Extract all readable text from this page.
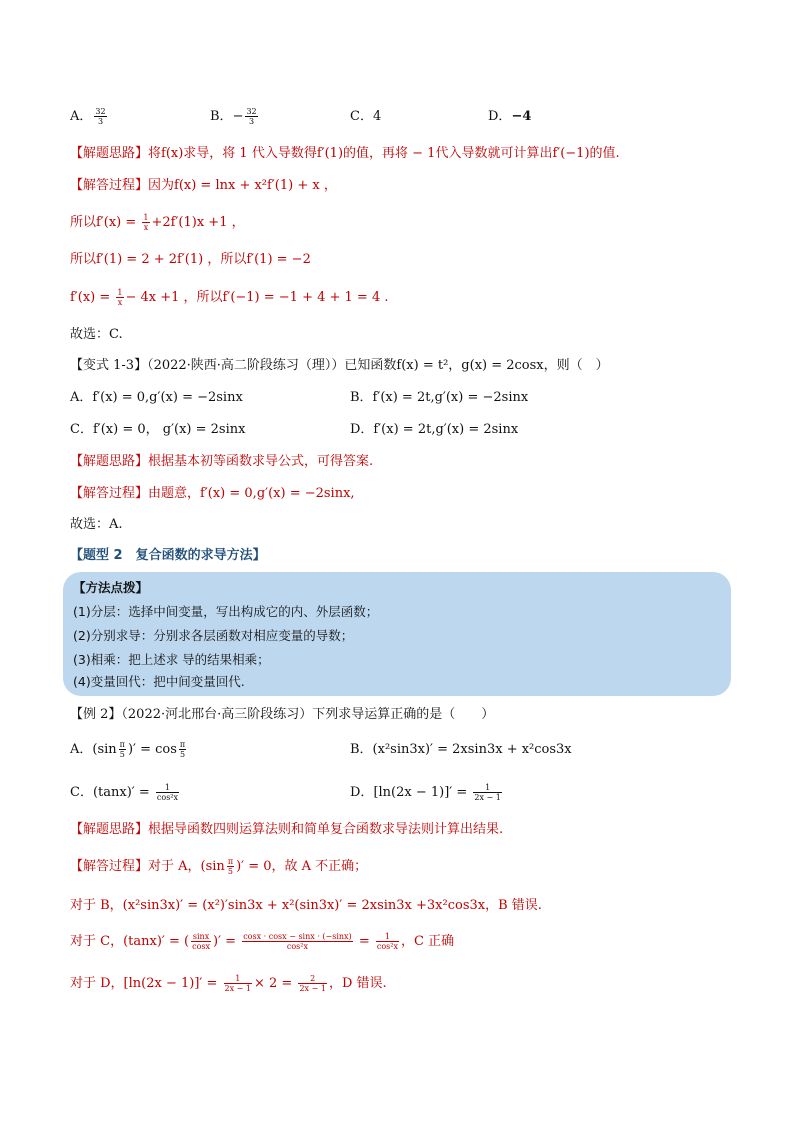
A． $\frac{32}{3}$	B．− $\frac{32}{3}$	C．4	D．−4
【解题思路】将f(x)求导，将 1 代入导数得f′(1)的值，再将 − 1代入导数就可计算出f′(−1)的值.
【解答过程】因为f(x) = lnx + x²f′(1) + x ，
所以$f'(x) = \frac{1}{x} +2f'(1)x +1$ ，
所以f′(1) = 2 + 2f′(1) ，所以f′(1) = −2
$f'(x) = \frac{1}{x} - 4x +1$ ，所以f′(−1) = −1 + 4 + 1 = 4 .
故选：C.
【变式 1-3】（2022·陕西·高二阶段练习（理））已知函数f(x) = t²，g(x) = 2cosx，则（　）
A．f′(x) = 0,g′(x) = −2sinx	B．f′(x) = 2t,g′(x) = −2sinx
C．f′(x) = 0， g′(x) = 2sinx	D．f′(x) = 2t,g′(x) = 2sinx
【解题思路】根据基本初等函数求导公式，可得答案.
【解答过程】由题意，f′(x) = 0,g′(x) = −2sinx,
故选：A.
【题型 2　复合函数的求导方法】
【方法点拨】
(1)分层：选择中间变量，写出构成它的内、外层函数；
(2)分别求导：分别求各层函数对相应变量的导数；
(3)相乘：把上述求 导的结果相乘；
(4)变量回代：把中间变量回代.
【例 2】（2022·河北邢台·高三阶段练习）下列求导运算正确的是（　　）
A．($\sin \frac{\pi}{5}$ )′ = $\cos \frac{\pi}{5}$	B．(x²sin3x)′ = 2xsin3x + x²cos3x
C．$(\tan x)' = \frac{1}{\text{cos²x}}$	D．$[\ln(2x - 1)]' = \frac{1}{2x - 1}$
【解题思路】根据导函数四则运算法则和简单复合函数求导法则计算出结果.
【解答过程】对于 A，($\sin \frac{\pi}{5}$ )′ = 0，故 A 不正确；
对于 B，(x²sin3x)′ = (x²)′sin3x + x²(sin3x)′ = 2xsin3x +3x²cos3x，B 错误.
对于 C，(tanx)′ = ( $\frac{\sin x}{\cos x}$ )′ = $\frac{\cos x \cdot \cos x - \sin x \cdot (-\sin x)}{\text{cos²x}} = \frac{1}{\text{cos²x}}$ ，C 正确
对于 D，$[\ln(2x - 1)]' = \frac{1}{2x - 1} \times 2 = \frac{2}{2x - 1}$ ，D 错误.
